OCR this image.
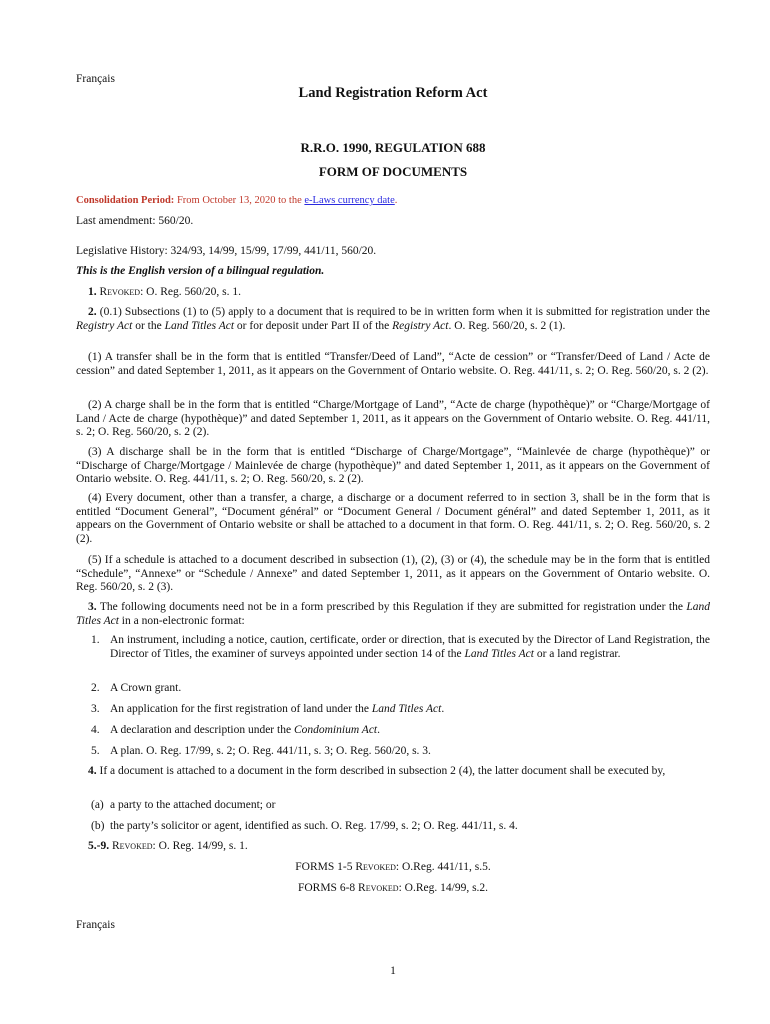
Français
Land Registration Reform Act
R.R.O. 1990, REGULATION 688
FORM OF DOCUMENTS
Consolidation Period: From October 13, 2020 to the e-Laws currency date.
Last amendment: 560/20.
Legislative History: 324/93, 14/99, 15/99, 17/99, 441/11, 560/20.
This is the English version of a bilingual regulation.
1. Revoked: O. Reg. 560/20, s. 1.
2. (0.1) Subsections (1) to (5) apply to a document that is required to be in written form when it is submitted for registration under the Registry Act or the Land Titles Act or for deposit under Part II of the Registry Act. O. Reg. 560/20, s. 2 (1).
(1) A transfer shall be in the form that is entitled “Transfer/Deed of Land”, “Acte de cession” or “Transfer/Deed of Land / Acte de cession” and dated September 1, 2011, as it appears on the Government of Ontario website. O. Reg. 441/11, s. 2; O. Reg. 560/20, s. 2 (2).
(2) A charge shall be in the form that is entitled “Charge/Mortgage of Land”, “Acte de charge (hypothèque)” or “Charge/Mortgage of Land / Acte de charge (hypothèque)” and dated September 1, 2011, as it appears on the Government of Ontario website. O. Reg. 441/11, s. 2; O. Reg. 560/20, s. 2 (2).
(3) A discharge shall be in the form that is entitled “Discharge of Charge/Mortgage”, “Mainlevée de charge (hypothèque)” or “Discharge of Charge/Mortgage / Mainlevée de charge (hypothèque)” and dated September 1, 2011, as it appears on the Government of Ontario website. O. Reg. 441/11, s. 2; O. Reg. 560/20, s. 2 (2).
(4) Every document, other than a transfer, a charge, a discharge or a document referred to in section 3, shall be in the form that is entitled “Document General”, “Document général” or “Document General / Document général” and dated September 1, 2011, as it appears on the Government of Ontario website or shall be attached to a document in that form. O. Reg. 441/11, s. 2; O. Reg. 560/20, s. 2 (2).
(5) If a schedule is attached to a document described in subsection (1), (2), (3) or (4), the schedule may be in the form that is entitled “Schedule”, “Annexe” or “Schedule / Annexe” and dated September 1, 2011, as it appears on the Government of Ontario website. O. Reg. 560/20, s. 2 (3).
3. The following documents need not be in a form prescribed by this Regulation if they are submitted for registration under the Land Titles Act in a non-electronic format:
1. An instrument, including a notice, caution, certificate, order or direction, that is executed by the Director of Land Registration, the Director of Titles, the examiner of surveys appointed under section 14 of the Land Titles Act or a land registrar.
2. A Crown grant.
3. An application for the first registration of land under the Land Titles Act.
4. A declaration and description under the Condominium Act.
5. A plan. O. Reg. 17/99, s. 2; O. Reg. 441/11, s. 3; O. Reg. 560/20, s. 3.
4. If a document is attached to a document in the form described in subsection 2 (4), the latter document shall be executed by,
(a) a party to the attached document; or
(b) the party’s solicitor or agent, identified as such. O. Reg. 17/99, s. 2; O. Reg. 441/11, s. 4.
5.-9. Revoked: O. Reg. 14/99, s. 1.
FORMS 1-5 Revoked: O.Reg. 441/11, s.5.
FORMS 6-8 Revoked: O.Reg. 14/99, s.2.
Français
1
